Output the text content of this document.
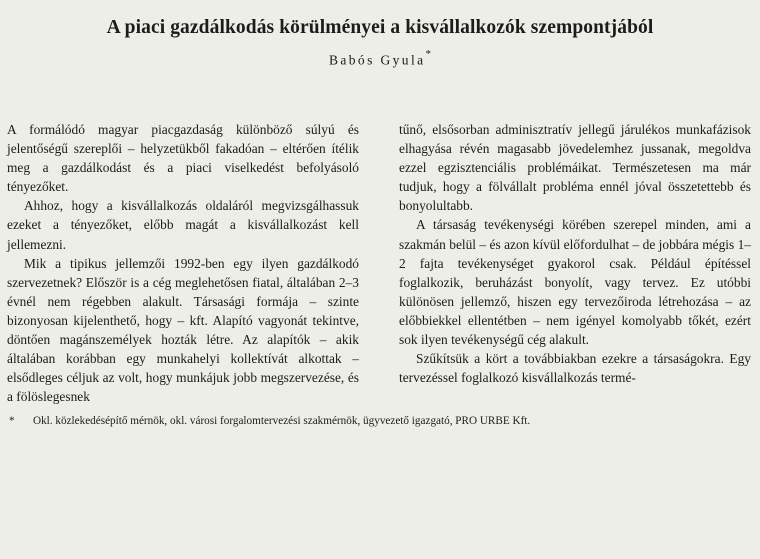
A piaci gazdálkodás körülményei a kisvállalkozók szempontjából
Babós Gyula*

A formálódó magyar piacgazdaság különböző súlyú és jelentőségű szereplői – helyzetükből fakadóan – eltérően ítélik meg a gazdálkodást és a piaci viselkedést befolyásoló tényezőket.

Ahhoz, hogy a kisvállalkozás oldaláról megvizsgálhassuk ezeket a tényezőket, előbb magát a kisvállalkozást kell jellemezni.

Mik a tipikus jellemzői 1992-ben egy ilyen gazdálkodó szervezetnek? Először is a cég meglehetősen fiatal, általában 2–3 évnél nem régebben alakult. Társasági formája – szinte bizonyosan kijelenthető, hogy – kft. Alapító vagyonát tekintve, döntően magánszemélyek hozták létre. Az alapítók – akik általában korábban egy munkahelyi kollektívát alkottak – elsődleges céljuk az volt, hogy munkájuk jobb megszervezése, és a fölöslegesnek

tűnő, elsősorban adminisztratív jellegű járulékos munkafázisok elhagyása révén magasabb jövedelemhez jussanak, megoldva ezzel egzisztenciális problémáikat. Természetesen ma már tudjuk, hogy a fölvállalt probléma ennél jóval összetettebb és bonyolultabb.

A társaság tevékenységi körében szerepel minden, ami a szakmán belül – és azon kívül előfordulhat – de jobbára mégis 1–2 fajta tevékenységet gyakorol csak. Például építéssel foglalkozik, beruházást bonyolít, vagy tervez. Ez utóbbi különösen jellemző, hiszen egy tervezőiroda létrehozása – az előbbiekkel ellentétben – nem igényel komolyabb tőkét, ezért sok ilyen tevékenységű cég alakult.

Szűkítsük a kört a továbbiakban ezekre a társaságokra. Egy tervezéssel foglalkozó kisvállalkozás termé-

* Okl. közlekedésépítő mérnök, okl. városi forgalomtervezési szakmérnök, ügyvezető igazgató, PRO URBE Kft.
